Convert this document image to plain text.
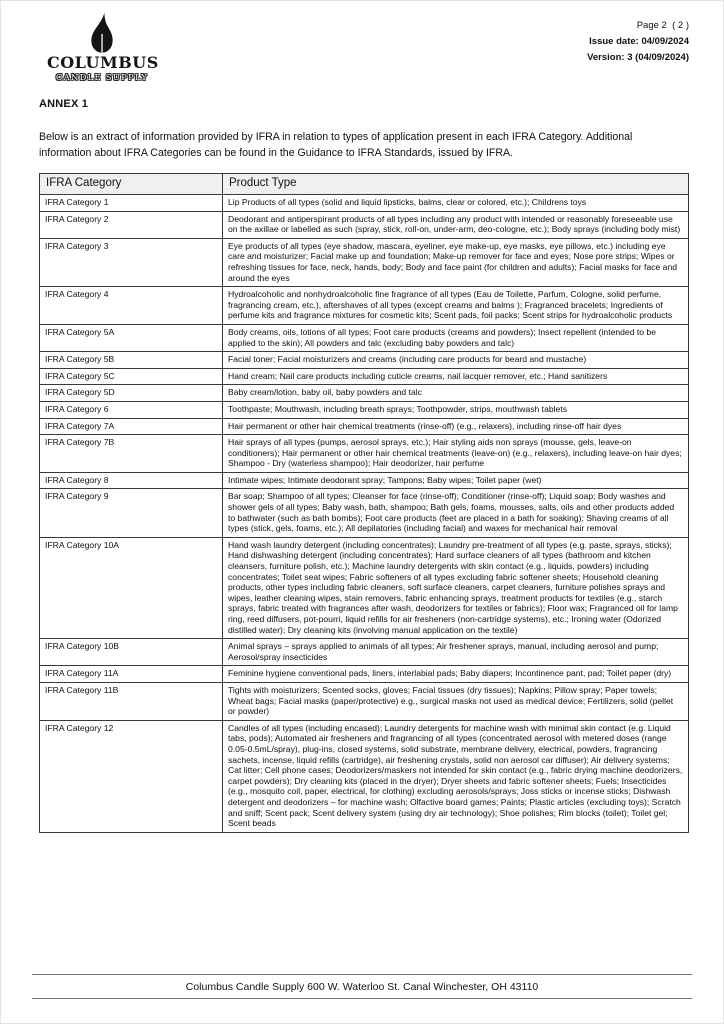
COLUMBUS
CANDLE SUPPLY
Page 2  ( 2 )
Issue date: 04/09/2024
Version: 3 (04/09/2024)
ANNEX 1

Below is an extract of information provided by IFRA in relation to types of application present in each IFRA Category. Additional information about IFRA Categories can be found in the Guidance to IFRA Standards, issued by IFRA.

IFRA Category	Product Type
IFRA Category 1	Lip Products of all types (solid and liquid lipsticks, balms, clear or colored, etc.); Childrens toys
IFRA Category 2	Deodorant and antiperspirant products of all types including any product with intended or reasonably foreseeable use on the axillae or labelled as such (spray, stick, roll-on, under-arm, deo-cologne, etc.); Body sprays (including body mist)
IFRA Category 3	Eye products of all types (eye shadow, mascara, eyeliner, eye make-up, eye masks, eye pillows, etc.) including eye care and moisturizer; Facial make up and foundation; Make-up remover for face and eyes; Nose pore strips; Wipes or refreshing tissues for face, neck, hands, body; Body and face paint (for children and adults); Facial masks for face and around the eyes
IFRA Category 4	Hydroalcoholic and nonhydroalcoholic fine fragrance of all types (Eau de Toilette, Parfum, Cologne, solid perfume, fragrancing cream, etc.), aftershaves of all types (except creams and balms ); Fragranced bracelets; Ingredients of perfume kits and fragrance mixtures for cosmetic kits; Scent pads, foil packs; Scent strips for hydroalcoholic products
IFRA Category 5A	Body creams, oils, lotions of all types; Foot care products (creams and powders); Insect repellent (intended to be applied to the skin); All powders and talc (excluding baby powders and talc)
IFRA Category 5B	Facial toner; Facial moisturizers and creams (including care products for beard and mustache)
IFRA Category 5C	Hand cream; Nail care products including cuticle creams, nail lacquer remover, etc.; Hand sanitizers
IFRA Category 5D	Baby cream/lotion, baby oil, baby powders and talc
IFRA Category 6	Toothpaste; Mouthwash, including breath sprays; Toothpowder, strips, mouthwash tablets
IFRA Category 7A	Hair permanent or other hair chemical treatments (rinse-off) (e.g., relaxers), including rinse-off hair dyes
IFRA Category 7B	Hair sprays of all types (pumps, aerosol sprays, etc.); Hair styling aids non sprays (mousse, gels, leave-on conditioners); Hair permanent or other hair chemical treatments (leave-on) (e.g., relaxers), including leave-on hair dyes; Shampoo - Dry (waterless shampoo); Hair deodorizer, hair perfume
IFRA Category 8	Intimate wipes; Intimate deodorant spray; Tampons; Baby wipes; Toilet paper (wet)
IFRA Category 9	Bar soap; Shampoo of all types; Cleanser for face (rinse-off); Conditioner (rinse-off); Liquid soap; Body washes and shower gels of all types; Baby wash, bath, shampoo; Bath gels, foams, mousses, salts, oils and other products added to bathwater (such as bath bombs); Foot care products (feet are placed in a bath for soaking); Shaving creams of all types (stick, gels, foams, etc.); All depilatories (including facial) and waxes for mechanical hair removal
IFRA Category 10A	Hand wash laundry detergent (including concentrates); Laundry pre-treatment of all types (e.g. paste, sprays, sticks); Hand dishwashing detergent (including concentrates); Hard surface cleaners of all types (bathroom and kitchen cleansers, furniture polish, etc.); Machine laundry detergents with skin contact (e.g., liquids, powders) including concentrates; Toilet seat wipes; Fabric softeners of all types excluding fabric softener sheets; Household cleaning products, other types including fabric cleaners, soft surface cleaners, carpet cleaners, furniture polishes sprays and wipes, leather cleaning wipes, stain removers, fabric enhancing sprays, treatment products for textiles (e.g., starch sprays, fabric treated with fragrances after wash, deodorizers for textiles or fabrics); Floor wax; Fragranced oil for lamp ring, reed diffusers, pot-pourri, liquid refills for air fresheners (non-cartridge systems), etc.; Ironing water (Odorized distilled water); Dry cleaning kits (involving manual application on the textile)
IFRA Category 10B	Animal sprays – sprays applied to animals of all types; Air freshener sprays, manual, including aerosol and pump; Aerosol/spray insecticides
IFRA Category 11A	Feminine hygiene conventional pads, liners, interlabial pads; Baby diapers; Incontinence pant, pad; Toilet paper (dry)
IFRA Category 11B	Tights with moisturizers; Scented socks, gloves; Facial tissues (dry tissues); Napkins; Pillow spray; Paper towels; Wheat bags; Facial masks (paper/protective) e.g., surgical masks not used as medical device; Fertilizers, solid (pellet or powder)
IFRA Category 12	Candles of all types (including encased); Laundry detergents for machine wash with minimal skin contact (e.g. Liquid tabs, pods); Automated air fresheners and fragrancing of all types (concentrated aerosol with metered doses (range 0.05-0.5mL/spray), plug-ins, closed systems, solid substrate, membrane delivery, electrical, powders, fragrancing sachets, incense, liquid refills (cartridge), air freshening crystals, solid non aerosol car diffuser); Air delivery systems; Cat litter; Cell phone cases; Deodorizers/maskers not intended for skin contact (e.g., fabric drying machine deodorizers, carpet powders); Dry cleaning kits (placed in the dryer); Dryer sheets and fabric softener sheets; Fuels; Insecticides (e.g., mosquito coil, paper, electrical, for clothing) excluding aerosols/sprays; Joss sticks or incense sticks; Dishwash detergent and deodorizers – for machine wash; Olfactive board games; Paints; Plastic articles (excluding toys); Scratch and sniff; Scent pack; Scent delivery system (using dry air technology); Shoe polishes; Rim blocks (toilet); Toilet gel; Scent beads
Columbus Candle Supply 600 W. Waterloo St. Canal Winchester, OH 43110
